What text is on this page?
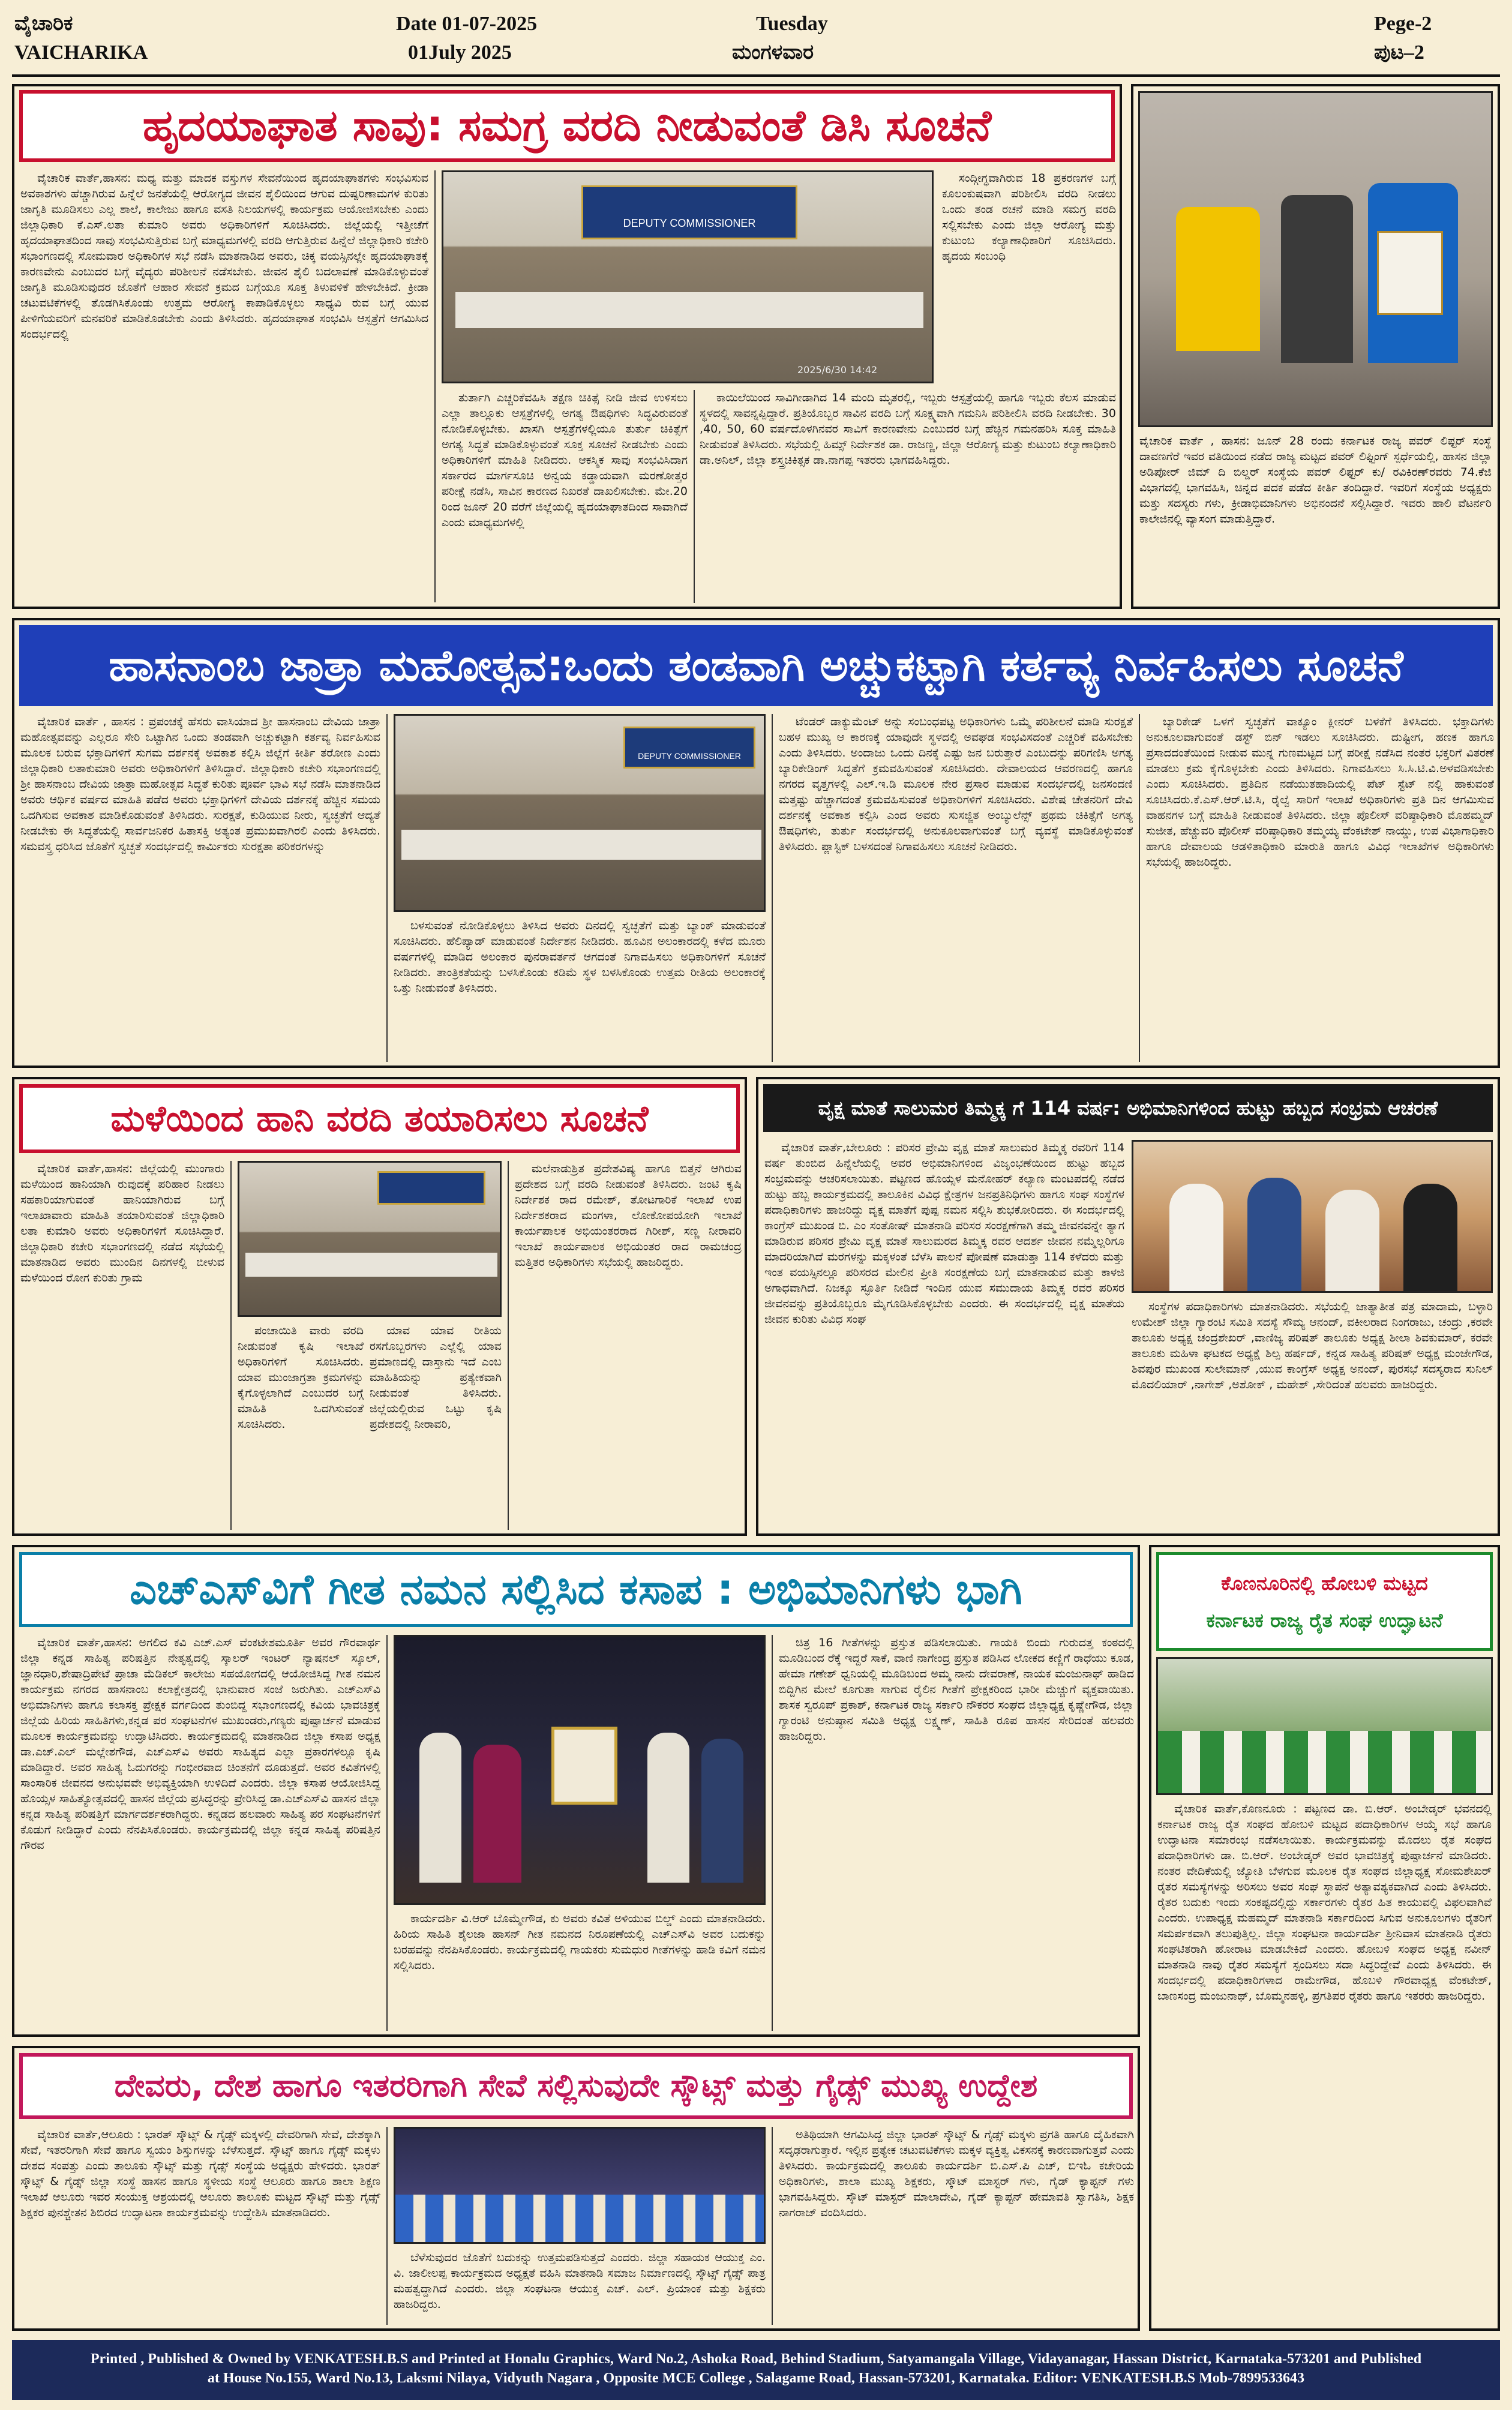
ವೈಚಾರಿಕ
VAICHARIKA
Date 01-07-2025
01July 2025
Tuesday
ಮಂಗಳವಾರ
Pege-2
ಪುಟ–2
ಹೃದಯಾಘಾತ ಸಾವು: ಸಮಗ್ರ ವರದಿ ನೀಡುವಂತೆ ಡಿಸಿ ಸೂಚನೆ

ವೈಚಾರಿಕ ವಾರ್ತೆ,ಹಾಸನ: ಮಧ್ಯ ಮತ್ತು ಮಾದಕ ವಸ್ತುಗಳ ಸೇವನೆಯಿಂದ ಹೃದಯಾಘಾತಗಳು ಸಂಭವಿಸುವ ಅವಕಾಶಗಳು ಹೆಚ್ಚಾಗಿರುವ ಹಿನ್ನೆಲೆ ಜನತೆಯಲ್ಲಿ ಆರೋಗ್ಯದ ಜೀವನ ಶೈಲಿಯಿಂದ ಆಗುವ ದುಷ್ಪರಿಣಾಮಗಳ ಕುರಿತು ಜಾಗೃತಿ ಮೂಡಿಸಲು ಎಲ್ಲ ಶಾಲೆ, ಕಾಲೇಜು ಹಾಗೂ ವಸತಿ ನಿಲಯಗಳಲ್ಲಿ ಕಾರ್ಯಕ್ರಮ ಆಯೋಜಿಸಬೇಕು ಎಂದು ಜಿಲ್ಲಾಧಿಕಾರಿ ಕೆ.ಎಸ್.ಲತಾ ಕುಮಾರಿ ಅವರು ಅಧಿಕಾರಿಗಳಿಗೆ ಸೂಚಿಸಿದರು. ಜಿಲ್ಲೆಯಲ್ಲಿ ಇತ್ತೀಚೆಗೆ ಹೃದಯಾಘಾತದಿಂದ ಸಾವು ಸಂಭವಿಸುತ್ತಿರುವ ಬಗ್ಗೆ ಮಾಧ್ಯಮಗಳಲ್ಲಿ ವರದಿ ಆಗುತ್ತಿರುವ ಹಿನ್ನೆಲೆ ಜಿಲ್ಲಾಧಿಕಾರಿ ಕಚೇರಿ ಸಭಾಂಗಣದಲ್ಲಿ ಸೋಮವಾರ ಅಧಿಕಾರಿಗಳ ಸಭೆ ನಡೆಸಿ ಮಾತನಾಡಿದ ಅವರು, ಚಿಕ್ಕ ವಯಸ್ಸಿನಲ್ಲೇ ಹೃದಯಾಘಾತಕ್ಕೆ ಕಾರಣವೇನು ಎಂಬುದರ ಬಗ್ಗೆ ವೈದ್ಯರು ಪರಿಶೀಲನೆ ನಡೆಸಬೇಕು. ಜೀವನ ಶೈಲಿ ಬದಲಾವಣೆ ಮಾಡಿಕೊಳ್ಳುವಂತೆ ಜಾಗೃತಿ ಮೂಡಿಸುವುದರ ಜೊತೆಗೆ ಆಹಾರ ಸೇವನೆ ಕ್ರಮದ ಬಗ್ಗೆಯೂ ಸೂಕ್ತ ತಿಳುವಳಿಕೆ ಹೇಳಬೇಕಿದೆ. ಕ್ರೀಡಾ ಚಟುವಟಿಕೆಗಳಲ್ಲಿ ತೊಡಗಿಸಿಕೊಂಡು ಉತ್ತಮ ಆರೋಗ್ಯ ಕಾಪಾಡಿಕೊಳ್ಳಲು ಸಾಧ್ಯವಿ ರುವ ಬಗ್ಗೆ ಯುವ ಪೀಳಿಗೆಯವರಿಗೆ ಮನವರಿಕೆ ಮಾಡಿಕೊಡಬೇಕು ಎಂದು ತಿಳಿಸಿದರು. ಹೃದಯಾಘಾತ ಸಂಭವಿಸಿ ಆಸ್ಪತ್ರೆಗೆ ಆಗಮಿಸಿದ ಸಂದರ್ಭದಲ್ಲಿ

DEPUTY COMMISSIONER
2025/6/30 14:42

ಸಂದ್ಗೀಗ್ಧವಾಗಿರುವ 18 ಪ್ರಕರಣಗಳ ಬಗ್ಗೆ ಕೂಲಂಕುಷವಾಗಿ ಪರಿಶೀಲಿಸಿ ವರದಿ ನೀಡಲು ಒಂದು ತಂಡ ರಚನೆ ಮಾಡಿ ಸಮಗ್ರ ವರದಿ ಸಲ್ಲಿಸಬೇಕು ಎಂದು ಜಿಲ್ಲಾ ಆರೋಗ್ಯ ಮತ್ತು ಕುಟುಂಬ ಕಲ್ಯಾಣಾಧಿಕಾರಿಗೆ ಸೂಚಿಸಿದರು. ಹೃದಯ ಸಂಬಂಧಿ

ತುರ್ತಾಗಿ ಎಚ್ಚರಿಕೆವಹಿಸಿ ತಕ್ಷಣ ಚಿಕಿತ್ಸೆ ನೀಡಿ ಜೀವ ಉಳಿಸಲು ಎಲ್ಲಾ ತಾಲ್ಲೂಕು ಆಸ್ಪತ್ರೆಗಳಲ್ಲಿ ಅಗತ್ಯ ಔಷಧಿಗಳು ಸಿದ್ಧವಿರುವಂತೆ ನೋಡಿಕೊಳ್ಳಬೇಕು. ಖಾಸಗಿ ಆಸ್ಪತ್ರೆಗಳಲ್ಲಿಯೂ ತುರ್ತು ಚಿಕಿತ್ಸೆಗೆ ಅಗತ್ಯ ಸಿದ್ಧತೆ ಮಾಡಿಕೊಳ್ಳುವಂತೆ ಸೂಕ್ತ ಸೂಚನೆ ನೀಡಬೇಕು ಎಂದು ಅಧಿಕಾರಿಗಳಿಗೆ ಮಾಹಿತಿ ನೀಡಿದರು. ಆಕಸ್ಮಿಕ ಸಾವು ಸಂಭವಿಸಿದಾಗ ಸರ್ಕಾರದ ಮಾರ್ಗಸೂಚಿ ಅನ್ವಯ ಕಡ್ಡಾಯವಾಗಿ ಮರಣೋತ್ತರ ಪರೀಕ್ಷೆ ನಡೆಸಿ, ಸಾವಿನ ಕಾರಣದ ನಿಖರತೆ ದಾಖಲಿಸಬೇಕು. ಮೇ.20 ರಿಂದ ಜೂನ್ 20 ವರೆಗೆ ಜಿಲ್ಲೆಯಲ್ಲಿ ಹೃದಯಾಘಾತದಿಂದ ಸಾವಾಗಿದೆ ಎಂದು ಮಾಧ್ಯಮಗಳಲ್ಲಿ

ಕಾಯಿಲೆಯಿಂದ ಸಾವಿಗೀಡಾಗಿದ 14 ಮಂದಿ ಮೃತರಲ್ಲಿ, ಇಬ್ಬರು ಆಸ್ಪತ್ರೆಯಲ್ಲಿ ಹಾಗೂ ಇಬ್ಬರು ಕೆಲಸ ಮಾಡುವ ಸ್ಥಳದಲ್ಲಿ ಸಾವನ್ನಪ್ಪಿದ್ದಾರೆ. ಪ್ರತಿಯೊಬ್ಬರ ಸಾವಿನ ವರದಿ ಬಗ್ಗೆ ಸೂಕ್ಷ್ಮವಾಗಿ ಗಮನಿಸಿ ಪರಿಶೀಲಿಸಿ ವರದಿ ನೀಡಬೇಕು. 30 ,40, 50, 60 ವರ್ಷದೊಳಗಿನವರ ಸಾವಿಗೆ ಕಾರಣವೇನು ಎಂಬುದರ ಬಗ್ಗೆ ಹೆಚ್ಚಿನ ಗಮನಹರಿಸಿ ಸೂಕ್ತ ಮಾಹಿತಿ ನೀಡುವಂತೆ ತಿಳಿಸಿದರು. ಸಭೆಯಲ್ಲಿ ಹಿಮ್ಸ್ ನಿರ್ದೇಶಕ ಡಾ. ರಾಜಣ್ಣ, ಜಿಲ್ಲಾ ಆರೋಗ್ಯ ಮತ್ತು ಕುಟುಂಬ ಕಲ್ಯಾಣಾಧಿಕಾರಿ ಡಾ.ಅನಿಲ್, ಜಿಲ್ಲಾ ಶಸ್ತ್ರಚಿಕಿತ್ಸಕ ಡಾ.ನಾಗಪ್ಪ ಇತರರು ಭಾಗವಹಿಸಿದ್ದರು.

ವೈಚಾರಿಕ ವಾರ್ತೆ , ಹಾಸನ: ಜೂನ್ 28 ರಂದು ಕರ್ನಾಟಕ ರಾಜ್ಯ ಪವರ್ ಲಿಫ್ಟರ್ ಸಂಸ್ಥೆ ದಾವಣಗೆರೆ ಇವರ ವತಿಯಿಂದ ನಡೆದ ರಾಜ್ಯ ಮಟ್ಟದ ಪವರ್ ಲಿಫ್ಟಿಂಗ್ ಸ್ಪರ್ಧೆಯಲ್ಲಿ, ಹಾಸನ ಜಿಲ್ಲಾ ಅಡಿಪೋರ್ ಜಿಮ್ ದಿ ಬಿಲ್ಡರ್ ಸಂಸ್ಥೆಯ ಪವರ್ ಲಿಫ್ಟರ್ ಕು/ ರವಿಕಿರಣ್‌ರವರು 74.ಕೆಜಿ ವಿಭಾಗದಲ್ಲಿ ಭಾಗವಹಿಸಿ, ಚಿನ್ನದ ಪದಕ ಪಡೆದ ಕೀರ್ತಿ ತಂದಿದ್ದಾರೆ. ಇವರಿಗೆ ಸಂಸ್ಥೆಯ ಅಧ್ಯಕ್ಷರು ಮತ್ತು ಸದಸ್ಯರು ಗಳು, ಕ್ರೀಡಾಭಿಮಾನಿಗಳು ಅಭಿನಂದನೆ ಸಲ್ಲಿಸಿದ್ದಾರೆ. ಇವರು ಹಾಲಿ ವೆಟರ್ನರಿ ಕಾಲೇಜಿನಲ್ಲಿ ವ್ಯಾಸಂಗ ಮಾಡುತ್ತಿದ್ದಾರೆ.

ಹಾಸನಾಂಬ ಜಾತ್ರಾ ಮಹೋತ್ಸವ:ಒಂದು ತಂಡವಾಗಿ ಅಚ್ಚುಕಟ್ಟಾಗಿ ಕರ್ತವ್ಯ ನಿರ್ವಹಿಸಲು ಸೂಚನೆ

ವೈಚಾರಿಕ ವಾರ್ತೆ , ಹಾಸನ : ಪ್ರಪಂಚಕ್ಕೆ ಹೆಸರು ವಾಸಿಯಾದ ಶ್ರೀ ಹಾಸನಾಂಬ ದೇವಿಯ ಜಾತ್ರಾ ಮಹೋತ್ಸವವನ್ನು ಎಲ್ಲರೂ ಸೇರಿ ಒಟ್ಟಾಗಿನ ಒಂದು ತಂಡವಾಗಿ ಅಚ್ಚುಕಟ್ಟಾಗಿ ಕರ್ತವ್ಯ ನಿರ್ವಹಿಸುವ ಮೂಲಕ ಬರುವ ಭಕ್ತಾದಿಗಳಿಗೆ ಸುಗಮ ದರ್ಶನಕ್ಕೆ ಅವಕಾಶ ಕಲ್ಪಿಸಿ ಜಿಲ್ಲೆಗೆ ಕೀರ್ತಿ ತರೋಣ ಎಂದು ಜಿಲ್ಲಾಧಿಕಾರಿ ಲತಾಕುಮಾರಿ ಅವರು ಅಧಿಕಾರಿಗಳಿಗೆ ತಿಳಿಸಿದ್ದಾರೆ. ಜಿಲ್ಲಾಧಿಕಾರಿ ಕಚೇರಿ ಸಭಾಂಗಣದಲ್ಲಿ ಶ್ರೀ ಹಾಸನಾಂಬ ದೇವಿಯ ಜಾತ್ರಾ ಮಹೋತ್ಸವ ಸಿದ್ಧತೆ ಕುರಿತು ಪೂರ್ವ ಭಾವಿ ಸಭೆ ನಡೆಸಿ ಮಾತನಾಡಿದ ಅವರು ಆರ್ಥಿಕ ವರ್ಷದ ಮಾಹಿತಿ ಪಡೆದ ಅವರು ಭಕ್ತಾಧಿಗಳಿಗೆ ದೇವಿಯ ದರ್ಶನಕ್ಕೆ ಹೆಚ್ಚಿನ ಸಮಯ ಒದಗಿಸುವ ಅವಕಾಶ ಮಾಡಿಕೊಡುವಂತೆ ತಿಳಿಸಿದರು. ಸುರಕ್ಷತೆ, ಕುಡಿಯುವ ನೀರು, ಸ್ವಚ್ಛತೆಗೆ ಆದ್ಯತೆ ನೀಡಬೇಕು ಈ ಸಿದ್ಧತೆಯಲ್ಲಿ ಸಾರ್ವಜನಿಕರ ಹಿತಾಸಕ್ತಿ ಅತ್ಯಂತ ಪ್ರಮುಖವಾಗಿರಲಿ ಎಂದು ತಿಳಿಸಿದರು. ಸಮವಸ್ತ್ರ ಧರಿಸಿದ ಜೊತೆಗೆ ಸ್ವಚ್ಛತೆ ಸಂದರ್ಭದಲ್ಲಿ ಕಾರ್ಮಿಕರು ಸುರಕ್ಷತಾ ಪರಿಕರಗಳನ್ನು

DEPUTY COMMISSIONER

ಬಳಸುವಂತೆ ನೋಡಿಕೊಳ್ಳಲು ತಿಳಿಸಿದ ಅವರು ದಿನದಲ್ಲಿ ಸ್ವಚ್ಛತೆಗೆ ಮತ್ತು ಬ್ಯಾಂಕ್ ಮಾಡುವಂತೆ ಸೂಚಿಸಿದರು. ಹೆಲಿಪ್ಯಾಡ್ ಮಾಡುವಂತೆ ನಿರ್ದೇಶನ ನೀಡಿದರು. ಹೂವಿನ ಅಲಂಕಾರದಲ್ಲಿ ಕಳೆದ ಮೂರು ವರ್ಷಗಳಲ್ಲಿ ಮಾಡಿದ ಅಲಂಕಾರ ಪುನರಾವರ್ತನೆ ಆಗದಂತೆ ನಿಗಾವಹಿಸಲು ಅಧಿಕಾರಿಗಳಿಗೆ ಸೂಚನೆ ನೀಡಿದರು. ತಾಂತ್ರಿಕತೆಯನ್ನು ಬಳಸಿಕೊಂಡು ಕಡಿಮೆ ಸ್ಥಳ ಬಳಸಿಕೊಂಡು ಉತ್ತಮ ರೀತಿಯ ಅಲಂಕಾರಕ್ಕೆ ಒತ್ತು ನೀಡುವಂತೆ ತಿಳಿಸಿದರು.

ಟೆಂಡರ್ ಡಾಕ್ಯುಮೆಂಟ್ ಅನ್ನು ಸಂಬಂಧಪಟ್ಟ ಅಧಿಕಾರಿಗಳು ಒಮ್ಮೆ ಪರಿಶೀಲನೆ ಮಾಡಿ ಸುರಕ್ಷತೆ ಬಹಳ ಮುಖ್ಯ ಆ ಕಾರಣಕ್ಕೆ ಯಾವುದೇ ಸ್ಥಳದಲ್ಲಿ ಅವಘಡ ಸಂಭವಿಸದಂತೆ ಎಚ್ಚರಿಕೆ ವಹಿಸಬೇಕು ಎಂದು ತಿಳಿಸಿದರು. ಅಂದಾಜು ಒಂದು ದಿನಕ್ಕೆ ಎಷ್ಟು ಜನ ಬರುತ್ತಾರೆ ಎಂಬುದನ್ನು ಪರಿಗಣಿಸಿ ಅಗತ್ಯ ಬ್ಯಾರಿಕೇಡಿಂಗ್ ಸಿದ್ಧತೆಗೆ ಕ್ರಮವಹಿಸುವಂತೆ ಸೂಚಿಸಿದರು. ದೇವಾಲಯದ ಆವರಣದಲ್ಲಿ ಹಾಗೂ ನಗರದ ವೃತ್ತಗಳಲ್ಲಿ ಎಲ್.ಇ.ಡಿ ಮೂಲಕ ನೇರ ಪ್ರಸಾರ ಮಾಡುವ ಸಂದರ್ಭದಲ್ಲಿ ಜನಸಂದಣಿ ಮತ್ತಷ್ಟು ಹೆಚ್ಚಾಗದಂತೆ ಕ್ರಮವಹಿಸುವಂತೆ ಅಧಿಕಾರಿಗಳಿಗೆ ಸೂಚಿಸಿದರು. ವಿಶೇಷ ಚೇತನರಿಗೆ ದೇವಿ ದರ್ಶನಕ್ಕೆ ಅವಕಾಶ ಕಲ್ಪಿಸಿ ಎಂದ ಅವರು ಸುಸಜ್ಜಿತ ಅಂಬ್ಯುಲೆನ್ಸ್ ಪ್ರಥಮ ಚಿಕಿತ್ಸೆಗೆ ಅಗತ್ಯ ಔಷಧಿಗಳು, ತುರ್ತು ಸಂದರ್ಭದಲ್ಲಿ ಅನುಕೂಲವಾಗುವಂತೆ ಬಗ್ಗೆ ವ್ಯವಸ್ಥೆ ಮಾಡಿಕೊಳ್ಳುವಂತೆ ತಿಳಿಸಿದರು. ಪ್ಲಾಸ್ಟಿಕ್ ಬಳಸದಂತೆ ನಿಗಾವಹಿಸಲು ಸೂಚನೆ ನೀಡಿದರು.

ಬ್ಯಾರಿಕೇಡ್ ಒಳಗೆ ಸ್ವಚ್ಛತೆಗೆ ವಾಕ್ಯೂಂ ಕ್ಲೀನರ್ ಬಳಕೆಗೆ ತಿಳಿಸಿದರು. ಭಕ್ತಾದಿಗಳು ಅನುಕೂಲವಾಗುವಂತೆ ಡಸ್ಟ್ ಬಿನ್ ಇಡಲು ಸೂಚಿಸಿದರು. ದುಷ್ಟೀಗ, ಹಣಕ ಹಾಗೂ ಪ್ರಸಾದದಂತೆಯಿಂದ ನೀಡುವ ಮುನ್ನ ಗುಣಮಟ್ಟದ ಬಗ್ಗೆ ಪರೀಕ್ಷೆ ನಡೆಸಿದ ನಂತರ ಭಕ್ತರಿಗೆ ವಿತರಣೆ ಮಾಡಲು ಕ್ರಮ ಕೈಗೊಳ್ಳಬೇಕು ಎಂದು ತಿಳಿಸಿದರು. ನಿಗಾವಹಿಸಲು ಸಿ.ಸಿ.ಟಿ.ವಿ.ಅಳವಡಿಸಬೇಕು ಎಂದು ಸೂಚಿಸಿದರು. ಪ್ರತಿದಿನ ನಡೆಯುತಹಾದಿಯಲ್ಲಿ ಪೆಟ್ ಸ್ಟೆಟ್ ನಲ್ಲಿ ಹಾಕುವಂತೆ ಸೂಚಿಸಿದರು.ಕೆ.ಎಸ್.ಆರ್.ಟಿ.ಸಿ, ರೈಲ್ವೆ ಸಾರಿಗೆ ಇಲಾಖೆ ಅಧಿಕಾರಿಗಳು ಪ್ರತಿ ದಿನ ಆಗಮಿಸುವ ವಾಹನಗಳ ಬಗ್ಗೆ ಮಾಹಿತಿ ನೀಡುವಂತೆ ತಿಳಿಸಿದರು. ಜಿಲ್ಲಾ ಪೊಲೀಸ್ ವರಿಷ್ಠಾಧಿಕಾರಿ ಮೊಹಮ್ಮದ್ ಸುಜೀತ, ಹೆಚ್ಚುವರಿ ಪೊಲೀಸ್ ವರಿಷ್ಠಾಧಿಕಾರಿ ತಮ್ಮಯ್ಯ ವೆಂಕಟೇಶ್ ನಾಯ್ಡು, ಉಪ ವಿಭಾಗಾಧಿಕಾರಿ ಹಾಗೂ ದೇವಾಲಯ ಆಡಳಿತಾಧಿಕಾರಿ ಮಾರುತಿ ಹಾಗೂ ವಿವಿಧ ಇಲಾಖೆಗಳ ಅಧಿಕಾರಿಗಳು ಸಭೆಯಲ್ಲಿ ಹಾಜರಿದ್ದರು.

ಮಳೆಯಿಂದ ಹಾನಿ ವರದಿ ತಯಾರಿಸಲು ಸೂಚನೆ

ವೈಚಾರಿಕ ವಾರ್ತೆ,ಹಾಸನ: ಜಿಲ್ಲೆಯಲ್ಲಿ ಮುಂಗಾರು ಮಳೆಯಿಂದ ಹಾನಿಯಾಗಿ ರುವುದಕ್ಕೆ ಪರಿಹಾರ ನೀಡಲು ಸಹಕಾರಿಯಾಗುವಂತೆ ಹಾನಿಯಾಗಿರುವ ಬಗ್ಗೆ ಇಲಾಖಾವಾರು ಮಾಹಿತಿ ತಯಾರಿಸುವಂತೆ ಜಿಲ್ಲಾಧಿಕಾರಿ ಲತಾ ಕುಮಾರಿ ಅವರು ಅಧಿಕಾರಿಗಳಿಗೆ ಸೂಚಿಸಿದ್ದಾರೆ. ಜಿಲ್ಲಾಧಿಕಾರಿ ಕಚೇರಿ ಸಭಾಂಗಣದಲ್ಲಿ ನಡೆದ ಸಭೆಯಲ್ಲಿ ಮಾತನಾಡಿದ ಅವರು ಮುಂದಿನ ದಿನಗಳಲ್ಲಿ ಬೀಳುವ ಮಳೆಯಿಂದ ರೋಗ ಕುರಿತು ಗ್ರಾಮ

ಪಂಚಾಯಿತಿ ವಾರು ವರದಿ ನೀಡುವಂತೆ ಕೃಷಿ ಇಲಾಖೆ ಅಧಿಕಾರಿಗಳಿಗೆ ಸೂಚಿಸಿದರು. ಯಾವ ಮುಂಜಾಗ್ರತಾ ಕ್ರಮಗಳನ್ನು ಕೈಗೊಳ್ಳಲಾಗಿದೆ ಎಂಬುದರ ಬಗ್ಗೆ ಮಾಹಿತಿ ಒದಗಿಸುವಂತೆ ಸೂಚಿಸಿದರು.

ಯಾವ ಯಾವ ರೀತಿಯ ರಸಗೊಬ್ಬರಗಳು ಎಲ್ಲೆಲ್ಲಿ ಯಾವ ಪ್ರಮಾಣದಲ್ಲಿ ದಾಸ್ತಾನು ಇದೆ ಎಂಬ ಮಾಹಿತಿಯನ್ನು ಪ್ರತ್ಯೇಕವಾಗಿ ನೀಡುವಂತೆ ತಿಳಿಸಿದರು. ಜಿಲ್ಲೆಯಲ್ಲಿರುವ ಒಟ್ಟು ಕೃಷಿ ಪ್ರದೇಶದಲ್ಲಿ ನೀರಾವರಿ,

ಮಲೆನಾಡುಶ್ರಿತ ಪ್ರದೇಶವಿಷ್ಯ ಹಾಗೂ ಬಿತ್ತನೆ ಆಗಿರುವ ಪ್ರದೇಶದ ಬಗ್ಗೆ ವರದಿ ನೀಡುವಂತೆ ತಿಳಿಸಿದರು. ಜಂಟಿ ಕೃಷಿ ನಿರ್ದೇಶಕ ರಾದ ರಮೇಶ್, ತೋಟಗಾರಿಕೆ ಇಲಾಖೆ ಉಪ ನಿರ್ದೇಶಕರಾದ ಮಂಗಳಾ, ಲೋಕೋಪಯೋಗಿ ಇಲಾಖೆ ಕಾರ್ಯಪಾಲಕ ಅಭಿಯಂತರರಾದ ಗಿರೀಶ್, ಸಣ್ಣ ನೀರಾವರಿ ಇಲಾಖೆ ಕಾರ್ಯಪಾಲಕ ಅಭಿಯಂತರ ರಾದ ರಾಮಚಂದ್ರ ಮತ್ತಿತರ ಅಧಿಕಾರಿಗಳು ಸಭೆಯಲ್ಲಿ ಹಾಜರಿದ್ದರು.

ವೃಕ್ಷ ಮಾತೆ ಸಾಲುಮರ ತಿಮ್ಮಕ್ಕ ಗೆ 114 ವರ್ಷ: ಅಭಿಮಾನಿಗಳಿಂದ ಹುಟ್ಟು ಹಬ್ಬದ ಸಂಭ್ರಮ ಆಚರಣೆ

ವೈಚಾರಿಕ ವಾರ್ತೆ,ಬೇಲೂರು : ಪರಿಸರ ಪ್ರೇಮಿ ವೃಕ್ಷ ಮಾತೆ ಸಾಲುಮರ ತಿಮ್ಮಕ್ಕ ರವರಿಗೆ 114 ವರ್ಷ ತುಂಬಿದ ಹಿನ್ನೆಲೆಯಲ್ಲಿ ಅವರ ಅಭಿಮಾನಿಗಳಿಂದ ವಿಜೃಂಭಣೆಯಿಂದ ಹುಟ್ಟು ಹಬ್ಬದ ಸಂಭ್ರಮವನ್ನು ಆಚರಿಸಲಾಯಿತು. ಪಟ್ಟಣದ ಹೊಯ್ಸಳ ಮನೋಹರ್ ಕಲ್ಯಾಣ ಮಂಟಪದಲ್ಲಿ ನಡೆದ ಹುಟ್ಟು ಹಬ್ಬ ಕಾರ್ಯಕ್ರಮದಲ್ಲಿ ತಾಲೂಕಿನ ವಿವಿಧ ಕ್ಷೇತ್ರಗಳ ಜನಪ್ರತಿನಿಧಿಗಳು ಹಾಗೂ ಸಂಘ ಸಂಸ್ಥೆಗಳ ಪದಾಧಿಕಾರಿಗಳು ಹಾಜರಿದ್ದು ವೃಕ್ಷ ಮಾತೆಗೆ ಪುಷ್ಪ ನಮನ ಸಲ್ಲಿಸಿ ಶುಭಕೋರಿದರು. ಈ ಸಂದರ್ಭದಲ್ಲಿ ಕಾಂಗ್ರೆಸ್ ಮುಖಂಡ ಬಿ. ಎಂ ಸಂತೋಷ್ ಮಾತನಾಡಿ ಪರಿಸರ ಸಂರಕ್ಷಣೆಗಾಗಿ ತಮ್ಮ ಜೀವನವನ್ನೇ ತ್ಯಾಗ ಮಾಡಿರುವ ಪರಿಸರ ಪ್ರೇಮಿ ವೃಕ್ಷ ಮಾತೆ ಸಾಲುಮರದ ತಿಮ್ಮಕ್ಕ ರವರ ಆದರ್ಶ ಜೀವನ ನಮ್ಮೆಲ್ಲರಿಗೂ ಮಾದರಿಯಾಗಿದೆ ಮರಗಳನ್ನು ಮಕ್ಕಳಂತೆ ಬೆಳೆಸಿ ಪಾಲನೆ ಪೋಷಣೆ ಮಾಡುತ್ತಾ 114 ಕಳೆದರು ಮತ್ತು ಇಂತ ವಯಸ್ಸಿನಲ್ಲೂ ಪರಿಸರದ ಮೇಲಿನ ಪ್ರೀತಿ ಸಂರಕ್ಷಣೆಯ ಬಗ್ಗೆ ಮಾತನಾಡುವ ಮತ್ತು ಕಾಳಜಿ ಅಗಾಧವಾಗಿದೆ. ನಿಜಕ್ಕೂ ಸ್ಫೂರ್ತಿ ನೀಡಿದೆ ಇಂದಿನ ಯುವ ಸಮುದಾಯ ತಿಮ್ಮಕ್ಕ ರವರ ಪರಿಸರ ಜೀವನವನ್ನು ಪ್ರತಿಯೊಬ್ಬರೂ ಮೈಗೂಡಿಸಿಕೊಳ್ಳಬೇಕು ಎಂದರು. ಈ ಸಂದರ್ಭದಲ್ಲಿ ವೃಕ್ಷ ಮಾತೆಯ ಜೀವನ ಕುರಿತು ವಿವಿಧ ಸಂಘ

ಸಂಸ್ಥೆಗಳ ಪದಾಧಿಕಾರಿಗಳು ಮಾತನಾಡಿದರು. ಸಭೆಯಲ್ಲಿ ಜಾತ್ಯಾತೀತ ಪತ್ರ ಮಾದಾಮ, ಬಳ್ಳಾರಿ ಉಮೇಶ್ ಜಿಲ್ಲಾ ಗ್ಯಾರಂಟಿ ಸಮಿತಿ ಸದಸ್ಯೆ ಸೌಮ್ಯ ಆನಂದ್, ವಕೀಲರಾದ ನಿಂಗರಾಜು, ಚಂದ್ರು ,ಕರವೇ ತಾಲೂಕು ಅಧ್ಯಕ್ಷ ಚಂದ್ರಶೇಖರ್ ,ವಾಣಿಜ್ಯ ಪರಿಷತ್ ತಾಲೂಕು ಅಧ್ಯಕ್ಷ ಶೀಲಾ ಶಿವಕುಮಾರ್, ಕರವೇ ತಾಲೂಕು ಮಹಿಳಾ ಘಟಕದ ಅಧ್ಯಕ್ಷೆ ಶಿಲ್ಪ ಹರ್ಷದ್, ಕನ್ನಡ ಸಾಹಿತ್ಯ ಪರಿಷತ್ ಅಧ್ಯಕ್ಷ ಮಂಜೇಗೌಡ, ಶಿವಪುರ ಮುಖಂಡ ಸುಲೇಮಾನ್ ,ಯುವ ಕಾಂಗ್ರೆಸ್ ಅಧ್ಯಕ್ಷ ಅನಂದ್, ಪುರಸಭೆ ಸದಸ್ಯರಾದ ಸುನಿಲ್ ಮೊದಲಿಯಾರ್ ,ನಾಗೇಶ್ ,ಅಶೋಕ್ , ಮಹೇಶ್ ,ಸೇರಿದಂತೆ ಹಲವರು ಹಾಜರಿದ್ದರು.

ಎಚ್‌ಎಸ್‌ವಿಗೆ ಗೀತ ನಮನ ಸಲ್ಲಿಸಿದ ಕಸಾಪ : ಅಭಿಮಾನಿಗಳು ಭಾಗಿ

ವೈಚಾರಿಕ ವಾರ್ತೆ,ಹಾಸನ: ಅಗಲಿದ ಕವಿ ಎಚ್.ಎಸ್ ವೆಂಕಟೇಶಮೂರ್ತಿ ಅವರ ಗೌರವಾರ್ಥ ಜಿಲ್ಲಾ ಕನ್ನಡ ಸಾಹಿತ್ಯ ಪರಿಷತ್ತಿನ ನೇತೃತ್ವದಲ್ಲಿ ಸ್ಕಾಲರ್ ಇಂಟರ್ ನ್ಯಾಷನಲ್ ಸ್ಕೂಲ್, ಜ್ಞಾನಧಾರಿ,ಶೇಷಾದ್ರಿಪೇಟೆ ಪ್ರಾಚಾ ಮೆಡಿಕಲ್ ಕಾಲೇಜು ಸಹಯೋಗದಲ್ಲಿ ಆಯೋಜಿಸಿದ್ದ ಗೀತ ನಮನ ಕಾರ್ಯಕ್ರಮ ನಗರದ ಹಾಸನಾಂಬ ಕಲಾಕ್ಷೇತ್ರದಲ್ಲಿ ಭಾನುವಾರ ಸಂಜೆ ಜರುಗಿತು. ಎಚ್‌ಎಸ್‌ವಿ ಅಭಿಮಾನಿಗಳು ಹಾಗೂ ಕಲಾಸಕ್ತ ಪ್ರೇಕ್ಷಕ ವರ್ಗದಿಂದ ತುಂಬಿದ್ದ ಸಭಾಂಗಣದಲ್ಲಿ ಕವಿಯ ಭಾವಚಿತ್ರಕ್ಕೆ ಜಿಲ್ಲೆಯ ಹಿರಿಯ ಸಾಹಿತಿಗಳು,ಕನ್ನಡ ಪರ ಸಂಘಟನೆಗಳ ಮುಖಂಡರು,ಗಣ್ಯರು ಪುಷ್ಪಾರ್ಚನೆ ಮಾಡುವ ಮೂಲಕ ಕಾರ್ಯಕ್ರಮವನ್ನು ಉದ್ಘಾಟಿಸಿದರು. ಕಾರ್ಯಕ್ರಮದಲ್ಲಿ ಮಾತನಾಡಿದ ಜಿಲ್ಲಾ ಕಸಾಪ ಅಧ್ಯಕ್ಷ ಡಾ.ಎಚ್.ಎಲ್ ಮಲ್ಲೇಶಗೌಡ, ಎಚ್‌ಎಸ್‌ವಿ ಅವರು ಸಾಹಿತ್ಯದ ಎಲ್ಲಾ ಪ್ರಕಾರಗಳಲ್ಲೂ ಕೃಷಿ ಮಾಡಿದ್ದಾರೆ. ಅವರ ಸಾಹಿತ್ಯ ಓದುಗರನ್ನು ಗಂಭೀರವಾದ ಚಿಂತನೆಗೆ ದೂಡುತ್ತದೆ. ಅವರ ಕವಿತೆಗಳಲ್ಲಿ ಸಾಂಸಾರಿಕ ಜೀವನದ ಅನುಭವವೇ ಅಭಿವ್ಯಕ್ತಿಯಾಗಿ ಉಳಿದಿದೆ ಎಂದರು. ಜಿಲ್ಲಾ ಕಸಾಪ ಆಯೋಜಿಸಿದ್ದ ಹೊಯ್ಸಳ ಸಾಹಿತ್ಯೋತ್ಸವದಲ್ಲಿ ಹಾಸನ ಜಿಲ್ಲೆಯ ಪ್ರಸಿದ್ಧರನ್ನು ಪ್ರೇರಿಸಿದ್ದ ಡಾ.ಎಚ್‌ಎಸ್‌ವಿ ಹಾಸನ ಜಿಲ್ಲಾ ಕನ್ನಡ ಸಾಹಿತ್ಯ ಪರಿಷತ್ತಿಗೆ ಮಾರ್ಗದರ್ಶಕರಾಗಿದ್ದರು. ಕನ್ನಡದ ಹಲವಾರು ಸಾಹಿತ್ಯ ಪರ ಸಂಘಟನೆಗಳಿಗೆ ಕೊಡುಗೆ ನೀಡಿದ್ದಾರೆ ಎಂದು ನೆನಪಿಸಿಕೊಂಡರು. ಕಾರ್ಯಕ್ರಮದಲ್ಲಿ ಜಿಲ್ಲಾ ಕನ್ನಡ ಸಾಹಿತ್ಯ ಪರಿಷತ್ತಿನ ಗೌರವ

ಕಾರ್ಯದರ್ಶಿ ವಿ.ಆರ್ ಬೊಮ್ಮೇಗೌಡ, ಕು ಅವರು ಕವಿತೆ ಅಳಿಯುವ ಬಿಲ್ಡ್ ಎಂದು ಮಾತನಾಡಿದರು. ಹಿರಿಯ ಸಾಹಿತಿ ಶೈಲಜಾ ಹಾಸನ್ ಗೀತ ನಮನದ ನಿರೂಪಣೆಯಲ್ಲಿ ಎಚ್‌ಎಸ್‌ವಿ ಅವರ ಬದುಕನ್ನು ಬರಹವನ್ನು ನೆನಪಿಸಿಕೊಂಡರು. ಕಾರ್ಯಕ್ರಮದಲ್ಲಿ ಗಾಯಕರು ಸುಮಧುರ ಗೀತೆಗಳನ್ನು ಹಾಡಿ ಕವಿಗೆ ನಮನ ಸಲ್ಲಿಸಿದರು.

ಚಿತ್ರ 16 ಗೀತೆಗಳನ್ನು ಪ್ರಸ್ತುತ ಪಡಿಸಲಾಯಿತು. ಗಾಯಕಿ ಬಿಂದು ಗುರುದತ್ತ ಕಂಠದಲ್ಲಿ ಮೂಡಿಬಂದ ರೆಕ್ಕೆ ಇದ್ದರೆ ಸಾಕೆ, ವಾಣಿ ನಾಗೇಂದ್ರ ಪ್ರಸ್ತುತ ಪಡಿಸಿದ ಲೋಕದ ಕಣ್ಣಿಗೆ ರಾಧೆಯು ಕೂಡ, ಹೇಮಾ ಗಣೇಶ್ ಧ್ವನಿಯಲ್ಲಿ ಮೂಡಿಬಂದ ಅಮ್ಮ ನಾನು ದೇವರಾಣೆ, ನಾಯಕ ಮಂಜುನಾಥ್ ಹಾಡಿದ ಬಿದ್ದಿಗಿನ ಮೇಲೆ ಕೂಗುತಾ ಸಾಗುವ ರೈಲಿನ ಗೀತೆಗೆ ಪ್ರೇಕ್ಷಕರಿಂದ ಭಾರೀ ಮೆಚ್ಚುಗೆ ವ್ಯಕ್ತವಾಯಿತು. ಶಾಸಕ ಸ್ವರೂಪ್ ಪ್ರಕಾಶ್, ಕರ್ನಾಟಕ ರಾಜ್ಯ ಸರ್ಕಾರಿ ನೌಕರರ ಸಂಘದ ಜಿಲ್ಲಾಧ್ಯಕ್ಷ ಕೃಷ್ಣೇಗೌಡ, ಜಿಲ್ಲಾ ಗ್ಯಾರಂಟಿ ಅನುಷ್ಠಾನ ಸಮಿತಿ ಅಧ್ಯಕ್ಷ ಲಕ್ಷ್ಮಣ್, ಸಾಹಿತಿ ರೂಪ ಹಾಸನ ಸೇರಿದಂತೆ ಹಲವರು ಹಾಜರಿದ್ದರು.

ಕೊಣನೂರಿನಲ್ಲಿ ಹೋಬಳಿ ಮಟ್ಟದ
ಕರ್ನಾಟಕ ರಾಜ್ಯ ರೈತ ಸಂಘ ಉದ್ಘಾಟನೆ

ವೈಚಾರಿಕ ವಾರ್ತೆ,ಕೊಣನೂರು : ಪಟ್ಟಣದ ಡಾ. ಬಿ.ಆರ್. ಅಂಬೇಡ್ಕರ್ ಭವನದಲ್ಲಿ ಕರ್ನಾಟಕ ರಾಜ್ಯ ರೈತ ಸಂಘದ ಹೋಬಳಿ ಮಟ್ಟದ ಪದಾಧಿಕಾರಿಗಳ ಆಯ್ಕೆ ಸಭೆ ಹಾಗೂ ಉದ್ಘಾಟನಾ ಸಮಾರಂಭ ನಡೆಸಲಾಯಿತು. ಕಾರ್ಯಕ್ರಮವನ್ನು ಮೊದಲು ರೈತ ಸಂಘದ ಪದಾಧಿಕಾರಿಗಳು ಡಾ. ಬಿ.ಆರ್. ಅಂಬೇಡ್ಕರ್ ಅವರ ಭಾವಚಿತ್ರಕ್ಕೆ ಪುಷ್ಪಾರ್ಚನೆ ಮಾಡಿದರು. ನಂತರ ವೇದಿಕೆಯಲ್ಲಿ ಜ್ಯೋತಿ ಬೆಳಗುವ ಮೂಲಕ ರೈತ ಸಂಘದ ಜಿಲ್ಲಾಧ್ಯಕ್ಷ ಸೋಮಶೇಖರ್ ರೈತರ ಸಮಸ್ಯೆಗಳನ್ನು ಅರಿಸಲು ಅವರ ಸಂಘ ಸ್ಥಾಪನೆ ಅತ್ಯಾವಶ್ಯಕವಾಗಿದೆ ಎಂದು ತಿಳಿಸಿದರು. ರೈತರ ಬದುಕು ಇಂದು ಸಂಕಷ್ಟದಲ್ಲಿದ್ದು ಸರ್ಕಾರಗಳು ರೈತರ ಹಿತ ಕಾಯುವಲ್ಲಿ ವಿಫಲವಾಗಿವೆ ಎಂದರು. ಉಪಾಧ್ಯಕ್ಷ ಮಹಮ್ಮದ್ ಮಾತನಾಡಿ ಸರ್ಕಾರದಿಂದ ಸಿಗುವ ಅನುಕೂಲಗಳು ರೈತರಿಗೆ ಸಮರ್ಪಕವಾಗಿ ತಲುಪುತ್ತಿಲ್ಲ. ಜಿಲ್ಲಾ ಸಂಘಟನಾ ಕಾರ್ಯದರ್ಶಿ ಶ್ರೀನಿವಾಸ ಮಾತನಾಡಿ ರೈತರು ಸಂಘಟಿತರಾಗಿ ಹೋರಾಟ ಮಾಡಬೇಕಿದೆ ಎಂದರು. ಹೋಬಳಿ ಸಂಘದ ಅಧ್ಯಕ್ಷ ನವೀನ್ ಮಾತನಾಡಿ ನಾವು ರೈತರ ಸಮಸ್ಯೆಗೆ ಸ್ಪಂದಿಸಲು ಸದಾ ಸಿದ್ಧರಿದ್ದೇವೆ ಎಂದು ತಿಳಿಸಿದರು. ಈ ಸಂದರ್ಭದಲ್ಲಿ ಪದಾಧಿಕಾರಿಗಳಾದ ರಾಮೇಗೌಡ, ಹೊಬಳಿ ಗೌರವಾಧ್ಯಕ್ಷ ವೆಂಕಟೇಶ್, ಬಾಣಸಂದ್ರ ಮಂಜುನಾಥ್, ಬೊಮ್ಮನಹಳ್ಳಿ, ಪ್ರಗತಿಪರ ರೈತರು ಹಾಗೂ ಇತರರು ಹಾಜರಿದ್ದರು.

ದೇವರು, ದೇಶ ಹಾಗೂ ಇತರರಿಗಾಗಿ ಸೇವೆ ಸಲ್ಲಿಸುವುದೇ ಸ್ಕೌಟ್ಸ್ ಮತ್ತು ಗೈಡ್ಸ್ ಮುಖ್ಯ ಉದ್ದೇಶ

ವೈಚಾರಿಕ ವಾರ್ತೆ,ಆಲೂರು : ಭಾರತ್ ಸ್ಕೌಟ್ಸ್ & ಗೈಡ್ಸ್ ಮಕ್ಕಳಲ್ಲಿ ದೇವರಿಗಾಗಿ ಸೇವೆ, ದೇಶಕ್ಕಾಗಿ ಸೇವೆ, ಇತರರಿಗಾಗಿ ಸೇವೆ ಹಾಗೂ ಸ್ವಯಂ ಶಿಸ್ತುಗಳನ್ನು ಬೆಳೆಸುತ್ತದೆ. ಸ್ಕೌಟ್ಸ್ ಹಾಗೂ ಗೈಡ್ಸ್ ಮಕ್ಕಳು ದೇಶದ ಸಂಪತ್ತು ಎಂದು ತಾಲೂಕು ಸ್ಕೌಟ್ಸ್ ಮತ್ತು ಗೈಡ್ಸ್ ಸಂಸ್ಥೆಯ ಅಧ್ಯಕ್ಷರು ಹೇಳಿದರು. ಭಾರತ್ ಸ್ಕೌಟ್ಸ್ & ಗೈಡ್ಸ್ ಜಿಲ್ಲಾ ಸಂಸ್ಥೆ ಹಾಸನ ಹಾಗೂ ಸ್ಥಳೀಯ ಸಂಸ್ಥೆ ಆಲೂರು ಹಾಗೂ ಶಾಲಾ ಶಿಕ್ಷಣ ಇಲಾಖೆ ಆಲೂರು ಇವರ ಸಂಯುಕ್ತ ಆಶ್ರಯದಲ್ಲಿ ಆಲೂರು ತಾಲೂಕು ಮಟ್ಟದ ಸ್ಕೌಟ್ಸ್ ಮತ್ತು ಗೈಡ್ಸ್ ಶಿಕ್ಷಕರ ಪುನಶ್ಚೇತನ ಶಿಬಿರದ ಉದ್ಘಾಟನಾ ಕಾರ್ಯಕ್ರಮವನ್ನು ಉದ್ದೇಶಿಸಿ ಮಾತನಾಡಿದರು.

ಬೆಳೆಸುವುದರ ಜೊತೆಗೆ ಬದುಕನ್ನು ಉತ್ತಮಪಡಿಸುತ್ತದೆ ಎಂದರು. ಜಿಲ್ಲಾ ಸಹಾಯಕ ಆಯುಕ್ತ ಎಂ. ವಿ. ಜಾಲೀಲಪ್ಪ ಕಾರ್ಯಕ್ರಮದ ಅಧ್ಯಕ್ಷತೆ ವಹಿಸಿ ಮಾತನಾಡಿ ಸಮಾಜ ನಿರ್ಮಾಣದಲ್ಲಿ ಸ್ಕೌಟ್ಸ್ ಗೈಡ್ಸ್ ಪಾತ್ರ ಮಹತ್ವದ್ದಾಗಿದೆ ಎಂದರು. ಜಿಲ್ಲಾ ಸಂಘಟನಾ ಆಯುಕ್ತ ಎಚ್. ಎಲ್. ಪ್ರಿಯಾಂಕ ಮತ್ತು ಶಿಕ್ಷಕರು ಹಾಜರಿದ್ದರು.

ಅತಿಥಿಯಾಗಿ ಆಗಮಿಸಿದ್ದ ಜಿಲ್ಲಾ ಭಾರತ್ ಸ್ಕೌಟ್ಸ್ & ಗೈಡ್ಸ್ ಮಕ್ಕಳು ಪ್ರಗತಿ ಹಾಗೂ ದೈಹಿಕವಾಗಿ ಸದೃಢರಾಗುತ್ತಾರೆ. ಇಲ್ಲಿನ ಪ್ರತ್ಯೇಕ ಚಟುವಟಿಕೆಗಳು ಮಕ್ಕಳ ವ್ಯಕ್ತಿತ್ವ ವಿಕಸನಕ್ಕೆ ಕಾರಣವಾಗುತ್ತವೆ ಎಂದು ತಿಳಿಸಿದರು. ಕಾರ್ಯಕ್ರಮದಲ್ಲಿ ತಾಲೂಕು ಕಾರ್ಯದರ್ಶಿ ಬಿ.ಎಸ್.ಪಿ ಎಚ್, ಬಿಇಓ ಕಚೇರಿಯ ಅಧಿಕಾರಿಗಳು, ಶಾಲಾ ಮುಖ್ಯ ಶಿಕ್ಷಕರು, ಸ್ಕೌಟ್ ಮಾಸ್ಟರ್ ಗಳು, ಗೈಡ್ ಕ್ಯಾಪ್ಟನ್ ಗಳು ಭಾಗವಹಿಸಿದ್ದರು. ಸ್ಕೌಟ್ ಮಾಸ್ಟರ್ ಮಾಲಾದೇವಿ, ಗೈಡ್ ಕ್ಯಾಪ್ಟನ್ ಹೇಮಾವತಿ ಸ್ವಾಗತಿಸಿ, ಶಿಕ್ಷಕ ನಾಗರಾಜ್ ವಂದಿಸಿದರು.

Printed , Published & Owned by VENKATESH.B.S and Printed at Honalu Graphics, Ward No.2, Ashoka Road, Behind Stadium, Satyamangala Village, Vidayanagar, Hassan District, Karnataka-573201 and Published
at House No.155, Ward No.13, Laksmi Nilaya, Vidyuth Nagara , Opposite MCE College , Salagame Road, Hassan-573201, Karnataka. Editor: VENKATESH.B.S Mob-7899533643
